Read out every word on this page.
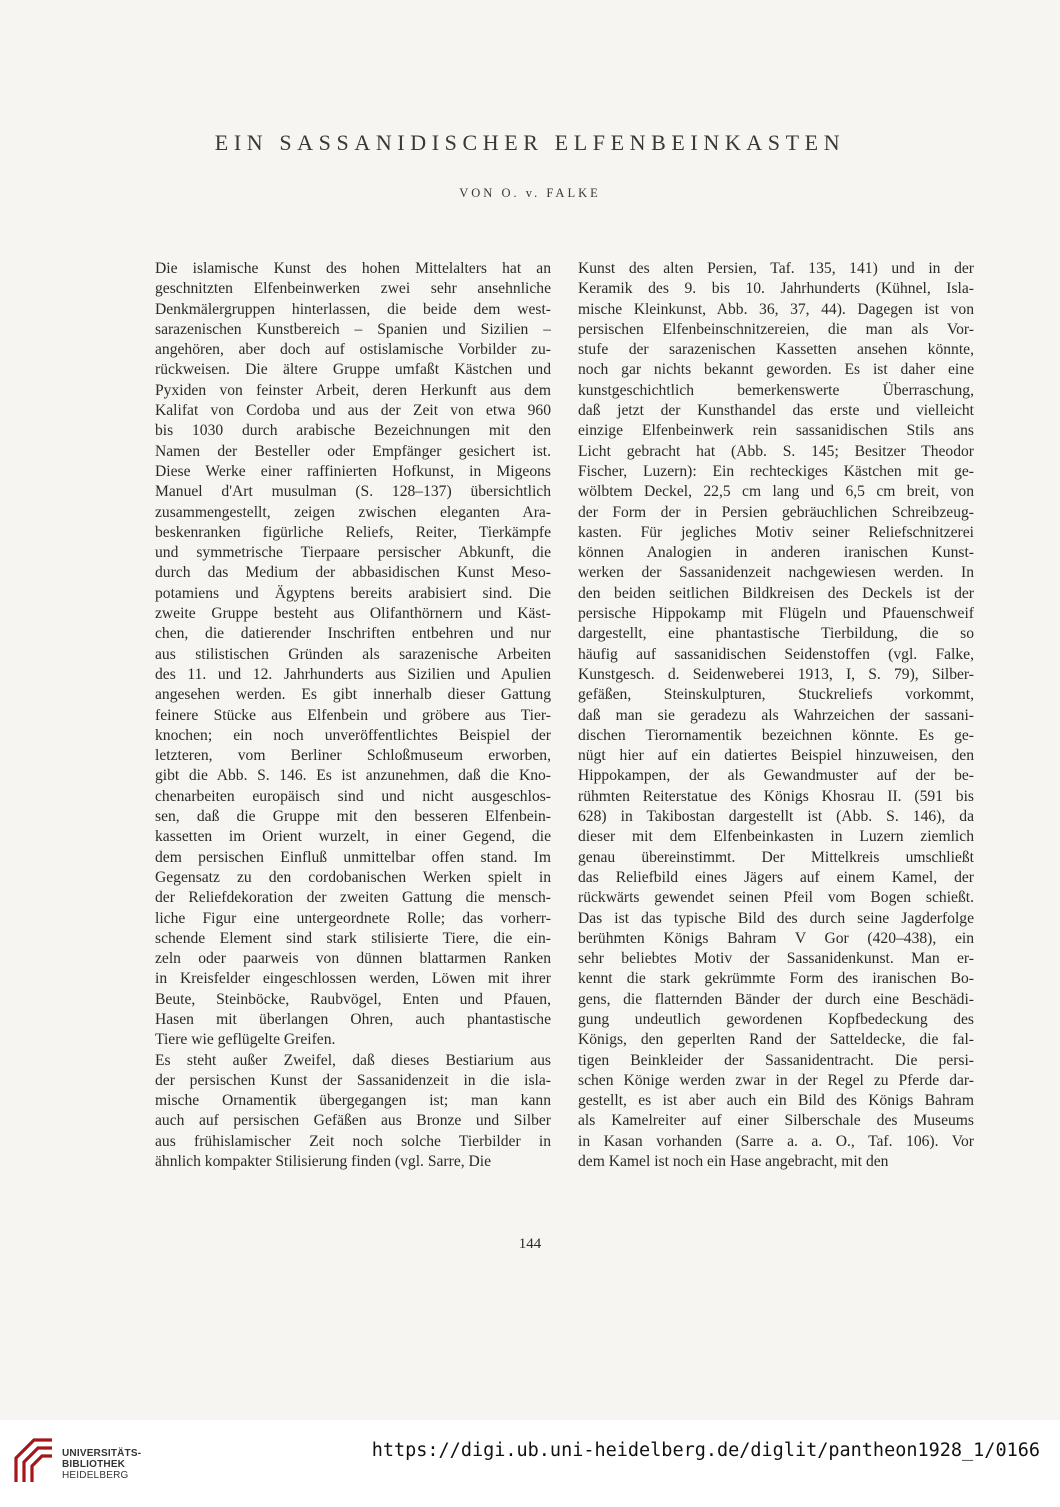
EIN SASSANIDISCHER ELFENBEINKASTEN
VON O. v. FALKE
Die islamische Kunst des hohen Mittelalters hat an
geschnitzten Elfenbeinwerken zwei sehr ansehnliche
Denkmälergruppen hinterlassen, die beide dem west-
sarazenischen Kunstbereich – Spanien und Sizilien –
angehören, aber doch auf ostislamische Vorbilder zu-
rückweisen. Die ältere Gruppe umfaßt Kästchen und
Pyxiden von feinster Arbeit, deren Herkunft aus dem
Kalifat von Cordoba und aus der Zeit von etwa 960
bis 1030 durch arabische Bezeichnungen mit den
Namen der Besteller oder Empfänger gesichert ist.
Diese Werke einer raffinierten Hofkunst, in Migeons
Manuel d'Art musulman (S. 128–137) übersichtlich
zusammengestellt, zeigen zwischen eleganten Ara-
beskenranken figürliche Reliefs, Reiter, Tierkämpfe
und symmetrische Tierpaare persischer Abkunft, die
durch das Medium der abbasidischen Kunst Meso-
potamiens und Ägyptens bereits arabisiert sind. Die
zweite Gruppe besteht aus Olifanthörnern und Käst-
chen, die datierender Inschriften entbehren und nur
aus stilistischen Gründen als sarazenische Arbeiten
des 11. und 12. Jahrhunderts aus Sizilien und Apulien
angesehen werden. Es gibt innerhalb dieser Gattung
feinere Stücke aus Elfenbein und gröbere aus Tier-
knochen; ein noch unveröffentlichtes Beispiel der
letzteren, vom Berliner Schloßmuseum erworben,
gibt die Abb. S. 146. Es ist anzunehmen, daß die Kno-
chenarbeiten europäisch sind und nicht ausgeschlos-
sen, daß die Gruppe mit den besseren Elfenbein-
kassetten im Orient wurzelt, in einer Gegend, die
dem persischen Einfluß unmittelbar offen stand. Im
Gegensatz zu den cordobanischen Werken spielt in
der Reliefdekoration der zweiten Gattung die mensch-
liche Figur eine untergeordnete Rolle; das vorherr-
schende Element sind stark stilisierte Tiere, die ein-
zeln oder paarweis von dünnen blattarmen Ranken
in Kreisfelder eingeschlossen werden, Löwen mit ihrer
Beute, Steinböcke, Raubvögel, Enten und Pfauen,
Hasen mit überlangen Ohren, auch phantastische
Tiere wie geflügelte Greifen.
Es steht außer Zweifel, daß dieses Bestiarium aus
der persischen Kunst der Sassanidenzeit in die isla-
mische Ornamentik übergegangen ist; man kann
auch auf persischen Gefäßen aus Bronze und Silber
aus frühislamischer Zeit noch solche Tierbilder in
ähnlich kompakter Stilisierung finden (vgl. Sarre, Die
Kunst des alten Persien, Taf. 135, 141) und in der
Keramik des 9. bis 10. Jahrhunderts (Kühnel, Isla-
mische Kleinkunst, Abb. 36, 37, 44). Dagegen ist von
persischen Elfenbeinschnitzereien, die man als Vor-
stufe der sarazenischen Kassetten ansehen könnte,
noch gar nichts bekannt geworden. Es ist daher eine
kunstgeschichtlich bemerkenswerte Überraschung,
daß jetzt der Kunsthandel das erste und vielleicht
einzige Elfenbeinwerk rein sassanidischen Stils ans
Licht gebracht hat (Abb. S. 145; Besitzer Theodor
Fischer, Luzern): Ein rechteckiges Kästchen mit ge-
wölbtem Deckel, 22,5 cm lang und 6,5 cm breit, von
der Form der in Persien gebräuchlichen Schreibzeug-
kasten. Für jegliches Motiv seiner Reliefschnitzerei
können Analogien in anderen iranischen Kunst-
werken der Sassanidenzeit nachgewiesen werden. In
den beiden seitlichen Bildkreisen des Deckels ist der
persische Hippokamp mit Flügeln und Pfauenschweif
dargestellt, eine phantastische Tierbildung, die so
häufig auf sassanidischen Seidenstoffen (vgl. Falke,
Kunstgesch. d. Seidenweberei 1913, I, S. 79), Silber-
gefäßen, Steinskulpturen, Stuckreliefs vorkommt,
daß man sie geradezu als Wahrzeichen der sassani-
dischen Tierornamentik bezeichnen könnte. Es ge-
nügt hier auf ein datiertes Beispiel hinzuweisen, den
Hippokampen, der als Gewandmuster auf der be-
rühmten Reiterstatue des Königs Khosrau II. (591 bis
628) in Takibostan dargestellt ist (Abb. S. 146), da
dieser mit dem Elfenbeinkasten in Luzern ziemlich
genau übereinstimmt. Der Mittelkreis umschließt
das Reliefbild eines Jägers auf einem Kamel, der
rückwärts gewendet seinen Pfeil vom Bogen schießt.
Das ist das typische Bild des durch seine Jagderfolge
berühmten Königs Bahram V Gor (420–438), ein
sehr beliebtes Motiv der Sassanidenkunst. Man er-
kennt die stark gekrümmte Form des iranischen Bo-
gens, die flatternden Bänder der durch eine Beschädi-
gung undeutlich gewordenen Kopfbedeckung des
Königs, den geperlten Rand der Satteldecke, die fal-
tigen Beinkleider der Sassanidentracht. Die persi-
schen Könige werden zwar in der Regel zu Pferde dar-
gestellt, es ist aber auch ein Bild des Königs Bahram
als Kamelreiter auf einer Silberschale des Museums
in Kasan vorhanden (Sarre a. a. O., Taf. 106). Vor
dem Kamel ist noch ein Hase angebracht, mit den
144
UNIVERSITÄTS-
BIBLIOTHEK
HEIDELBERG
https://digi.ub.uni-heidelberg.de/diglit/pantheon1928_1/0166
